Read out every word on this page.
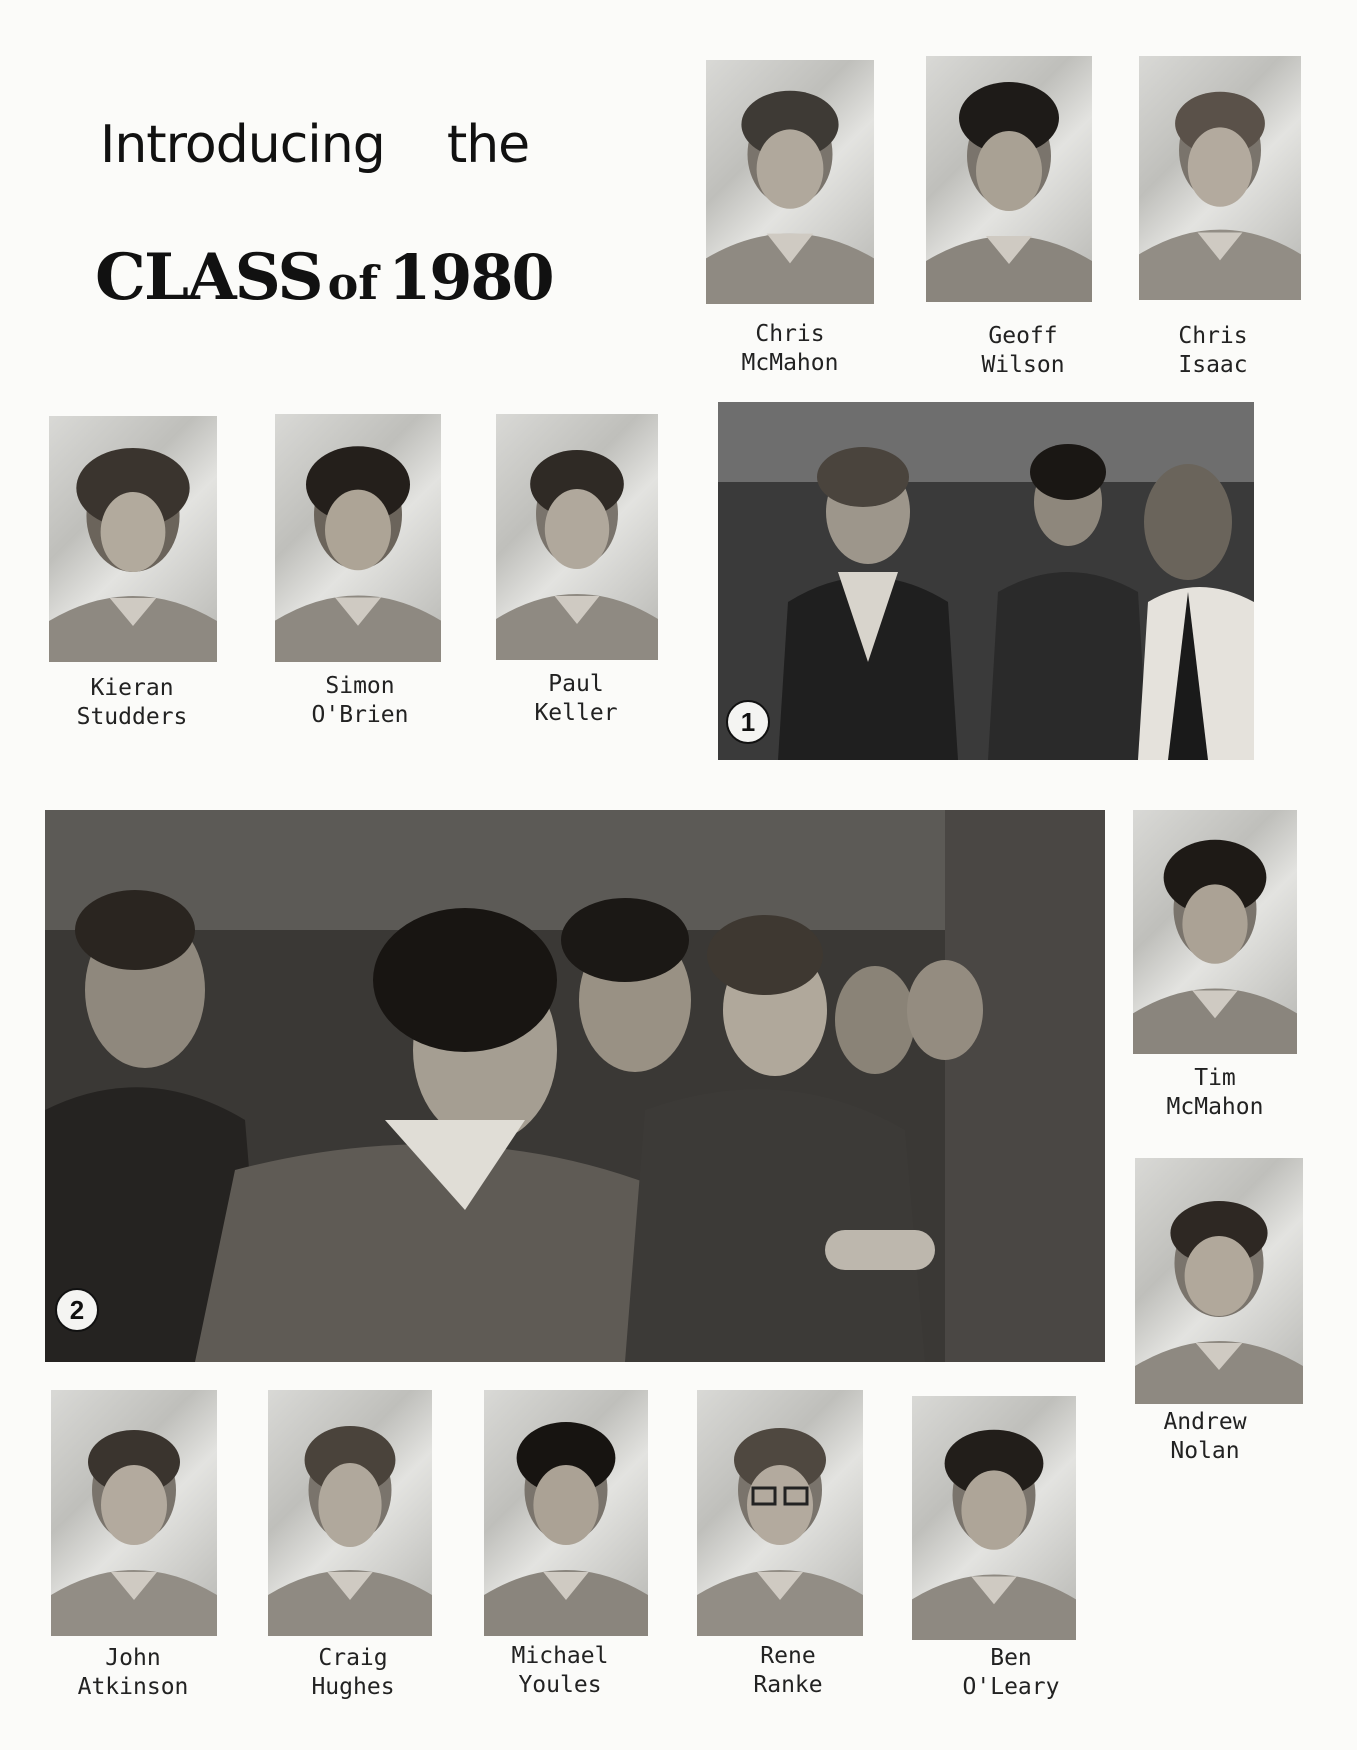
Introducing    the
CLASS of 1980
Chris
McMahon
Geoff
Wilson
Chris
Isaac
Kieran
Studders
Simon
O'Brien
Paul
Keller	1
2
Tim
McMahon
Andrew
Nolan
John
Atkinson
Craig
Hughes
Michael
Youles
Rene
Ranke
Ben
O'Leary
